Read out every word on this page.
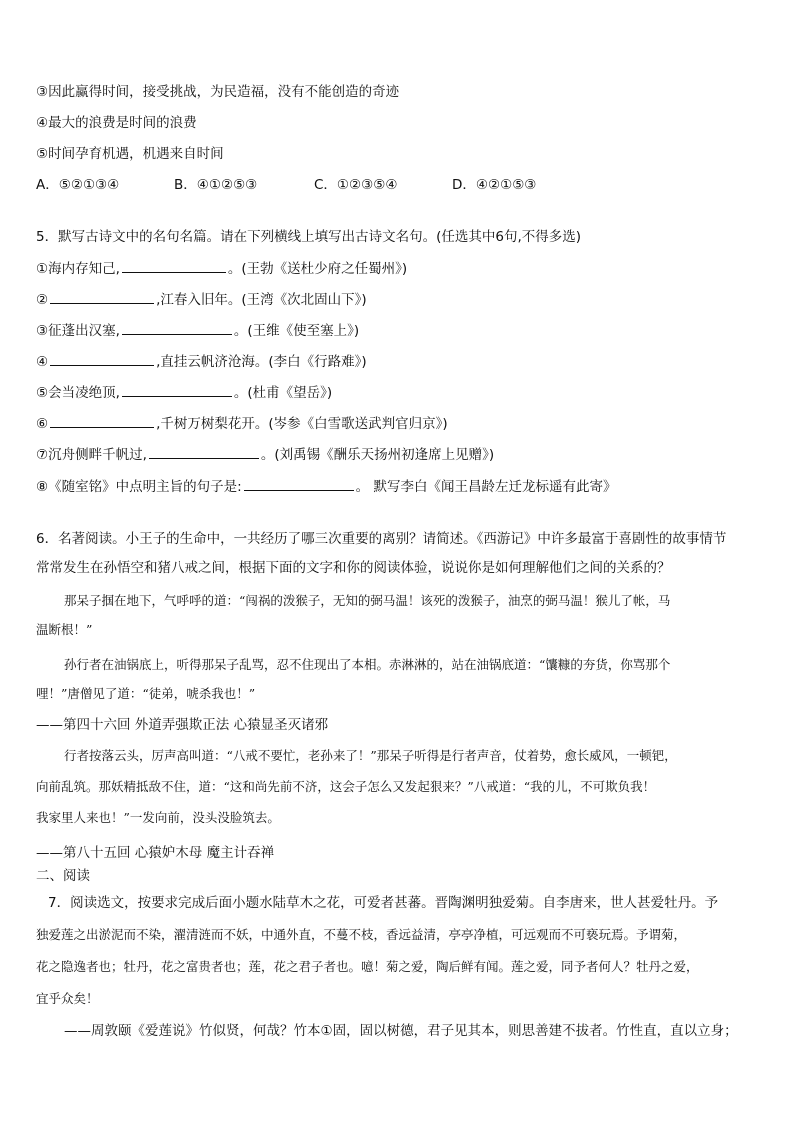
③因此赢得时间，接受挑战，为民造福，没有不能创造的奇迹
④最大的浪费是时间的浪费
⑤时间孕育机遇，机遇来自时间
A．⑤②①③④	B．④①②⑤③	C．①②③⑤④	D．④②①⑤③
5．默写古诗文中的名句名篇。请在下列横线上填写出古诗文名句。(任选其中6句,不得多选)
①海内存知己,	。(王勃《送杜少府之任蜀州》)
②	,江春入旧年。(王湾《次北固山下》)
③征蓬出汉塞,	。(王维《使至塞上》)
④	,直挂云帆济沧海。(李白《行路难》)
⑤会当凌绝顶,	。(杜甫《望岳》)
⑥	,千树万树梨花开。(岑参《白雪歌送武判官归京》)
⑦沉舟侧畔千帆过,	。(刘禹锡《酬乐天扬州初逢席上见赠》)
⑧《随室铭》中点明主旨的句子是:	。 默写李白《闻王昌龄左迁龙标遥有此寄》
6．名著阅读。小王子的生命中，一共经历了哪三次重要的离别？请简述。《西游记》中许多最富于喜剧性的故事情节
常常发生在孙悟空和猪八戒之间，根据下面的文字和你的阅读体验，说说你是如何理解他们之间的关系的？
那呆子掴在地下，气呼呼的道：“闯祸的泼猴子，无知的弼马温！该死的泼猴子，油烹的弼马温！猴儿了帐，马
温断根！”
孙行者在油锅底上，听得那呆子乱骂，忍不住现出了本相。赤淋淋的，站在油锅底道：“馕糠的夯货，你骂那个
哩！”唐僧见了道：“徒弟，唬杀我也！”
——第四十六回 外道弄强欺正法 心猿显圣灭诸邪
行者按落云头，厉声高叫道：“八戒不要忙，老孙来了！”那呆子听得是行者声音，仗着势，愈长威风，一顿钯，
向前乱筑。那妖精抵敌不住，道：“这和尚先前不济，这会子怎么又发起狠来？”八戒道：“我的儿，不可欺负我！
我家里人来也！”一发向前，没头没脸筑去。
——第八十五回 心猿妒木母 魔主计吞禅
二、阅读
7．阅读选文，按要求完成后面小题水陆草木之花，可爱者甚蕃。晋陶渊明独爱菊。自李唐来，世人甚爱牡丹。予
独爱莲之出淤泥而不染，濯清涟而不妖，中通外直，不蔓不枝，香远益清，亭亭净植，可远观而不可亵玩焉。予谓菊，
花之隐逸者也；牡丹，花之富贵者也；莲，花之君子者也。噫！菊之爱，陶后鲜有闻。莲之爱，同予者何人？牡丹之爱，
宜乎众矣！
——周敦颐《爱莲说》竹似贤，何哉？竹本①固，固以树德，君子见其本，则思善建不拔者。竹性直，直以立身；
